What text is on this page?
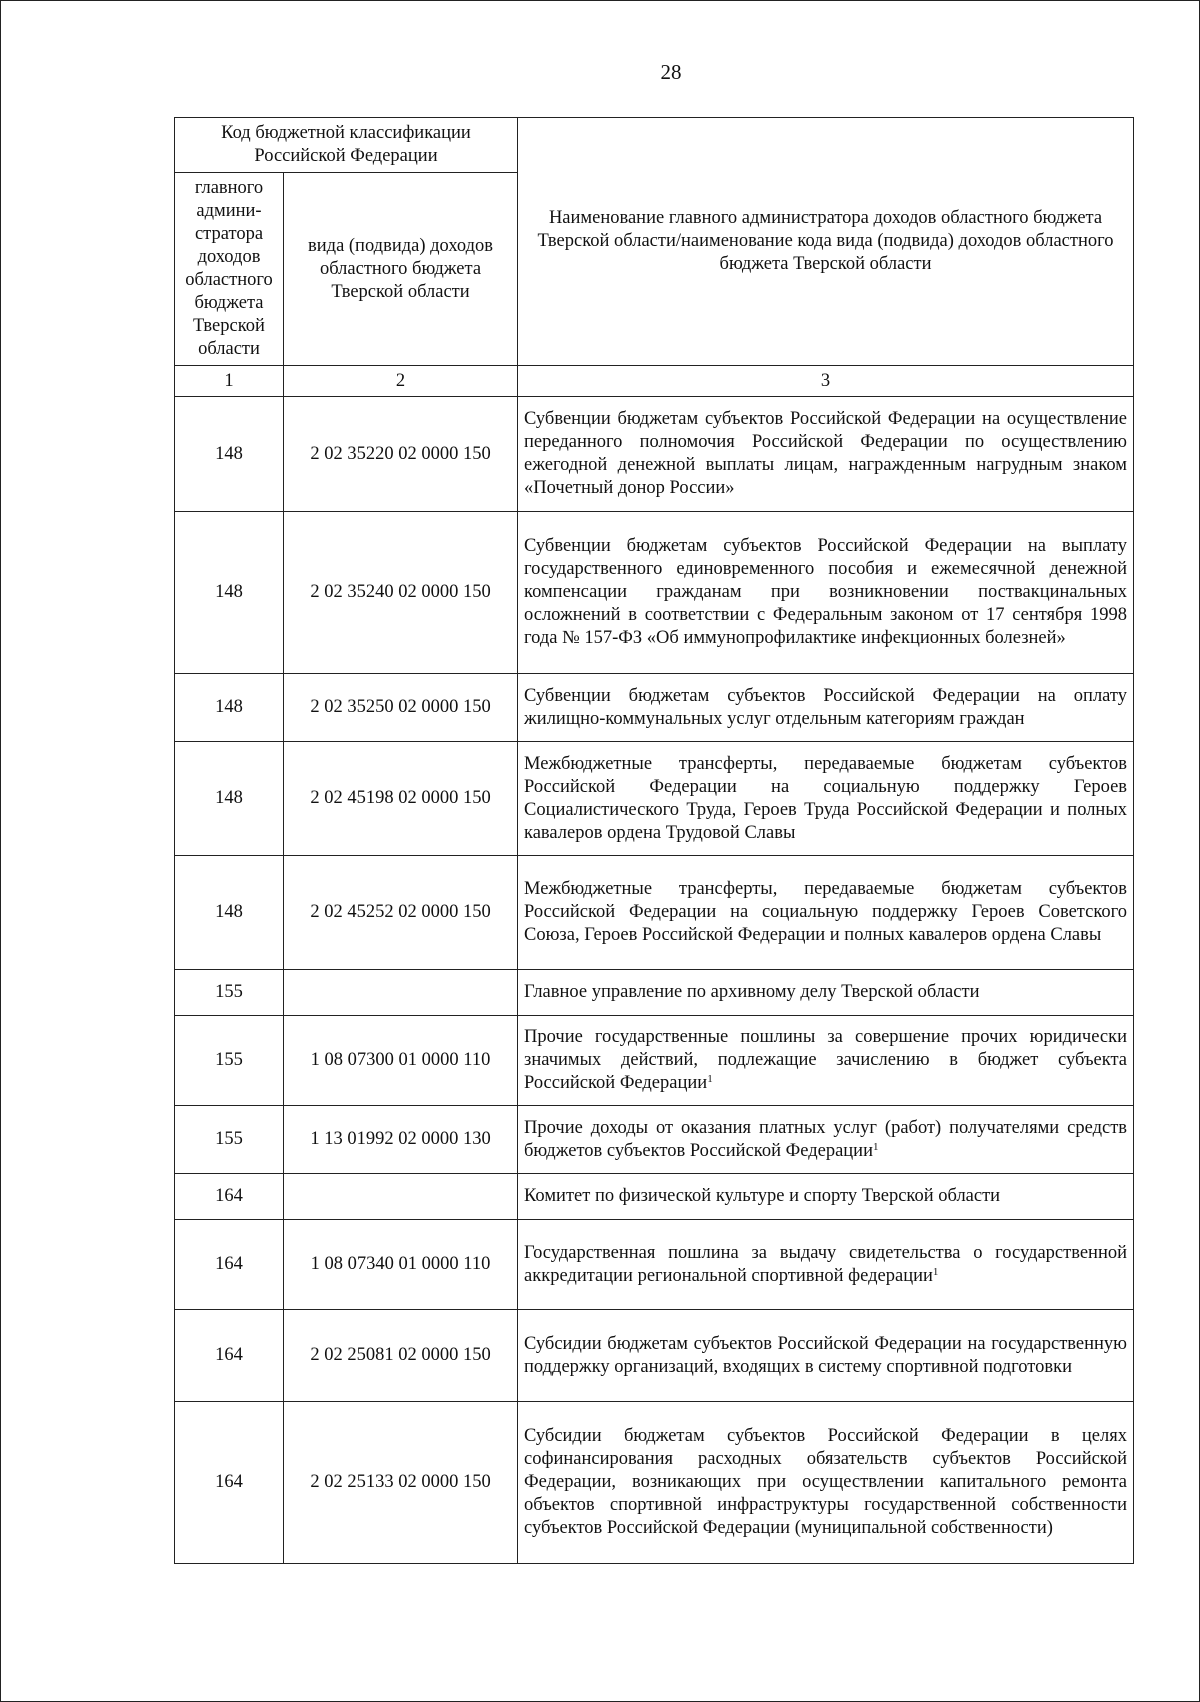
28
Код бюджетной классификации Российской Федерации		Наименование главного администратора доходов областного бюджета Тверской области/наименование кода вида (подвида) доходов областного бюджета Тверской области
главного админи-стратора доходов областного бюджета Тверской области	вида (подвида) доходов областного бюджета Тверской области	
1	2	3
148	2 02 35220 02 0000 150	Субвенции бюджетам субъектов Российской Федерации на осуществление переданного полномочия Российской Федерации по осуществлению ежегодной денежной выплаты лицам, награжденным нагрудным знаком «Почетный донор России»
148	2 02 35240 02 0000 150	Субвенции бюджетам субъектов Российской Федерации на выплату государственного единовременного пособия и ежемесячной денежной компенсации гражданам при возникновении поствакцинальных осложнений в соответствии с Федеральным законом от 17 сентября 1998 года № 157-ФЗ «Об иммунопрофилактике инфекционных болезней»
148	2 02 35250 02 0000 150	Субвенции бюджетам субъектов Российской Федерации на оплату жилищно-коммунальных услуг отдельным категориям граждан
148	2 02 45198 02 0000 150	Межбюджетные трансферты, передаваемые бюджетам субъектов Российской Федерации на социальную поддержку Героев Социалистического Труда, Героев Труда Российской Федерации и полных кавалеров ордена Трудовой Славы
148	2 02 45252 02 0000 150	Межбюджетные трансферты, передаваемые бюджетам субъектов Российской Федерации на социальную поддержку Героев Советского Союза, Героев Российской Федерации и полных кавалеров ордена Славы
155		Главное управление по архивному делу Тверской области
155	1 08 07300 01 0000 110	Прочие государственные пошлины за совершение прочих юридически значимых действий, подлежащие зачислению в бюджет субъекта Российской Федерации$^1$
155	1 13 01992 02 0000 130	Прочие доходы от оказания платных услуг (работ) получателями средств бюджетов субъектов Российской Федерации$^1$
164		Комитет по физической культуре и спорту Тверской области
164	1 08 07340 01 0000 110	Государственная пошлина за выдачу свидетельства о государственной аккредитации региональной спортивной федерации$^1$
164	2 02 25081 02 0000 150	Субсидии бюджетам субъектов Российской Федерации на государственную поддержку организаций, входящих в систему спортивной подготовки
164	2 02 25133 02 0000 150	Субсидии бюджетам субъектов Российской Федерации в целях софинансирования расходных обязательств субъектов Российской Федерации, возникающих при осуществлении капитального ремонта объектов спортивной инфраструктуры государственной собственности субъектов Российской Федерации (муниципальной собственности)
